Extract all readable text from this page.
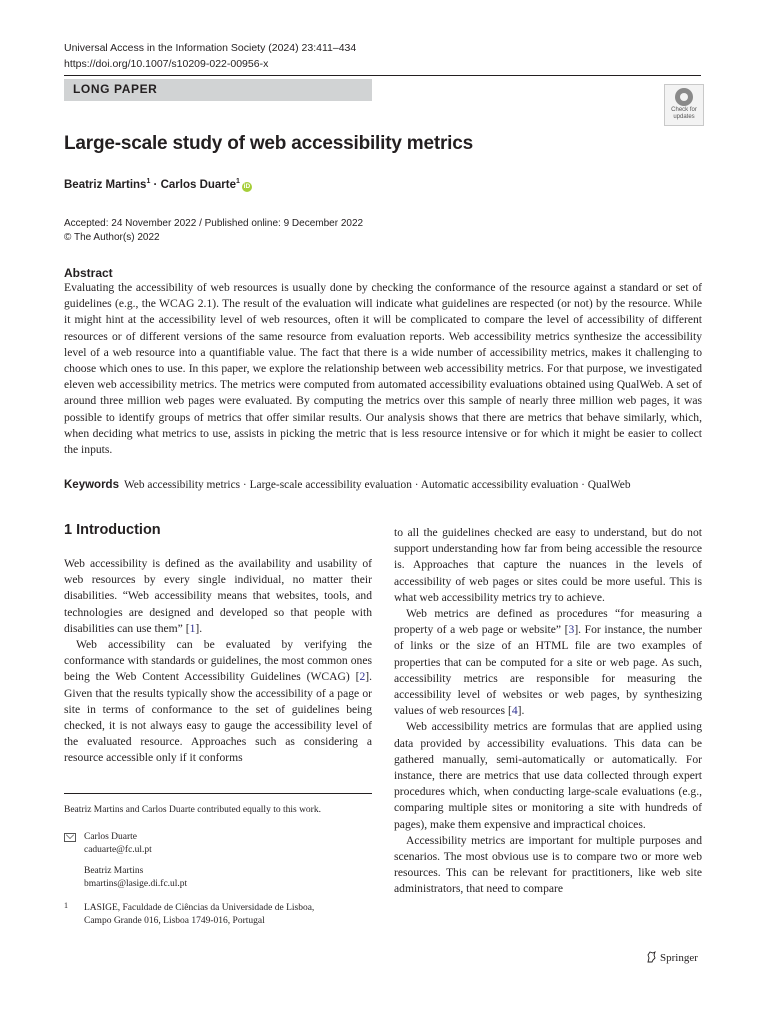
Universal Access in the Information Society (2024) 23:411–434
https://doi.org/10.1007/s10209-022-00956-x
LONG PAPER
Check for updates
Large-scale study of web accessibility metrics
Beatriz Martins$^1$ · Carlos Duarte$^1$iD
Accepted: 24 November 2022 / Published online: 9 December 2022
© The Author(s) 2022
Abstract
Evaluating the accessibility of web resources is usually done by checking the conformance of the resource against a standard or set of guidelines (e.g., the WCAG 2.1). The result of the evaluation will indicate what guidelines are respected (or not) by the resource. While it might hint at the accessibility level of web resources, often it will be complicated to compare the level of accessibility of different resources or of different versions of the same resource from evaluation reports. Web accessibility metrics synthesize the accessibility level of a web resource into a quantifiable value. The fact that there is a wide number of accessibility metrics, makes it challenging to choose which ones to use. In this paper, we explore the relationship between web accessibility metrics. For that purpose, we investigated eleven web accessibility metrics. The metrics were computed from automated accessibility evaluations obtained using QualWeb. A set of around three million web pages were evaluated. By computing the metrics over this sample of nearly three million web pages, it was possible to identify groups of metrics that offer similar results. Our analysis shows that there are metrics that behave similarly, which, when deciding what metrics to use, assists in picking the metric that is less resource intensive or for which it might be easier to collect the inputs.
Keywords Web accessibility metrics · Large-scale accessibility evaluation · Automatic accessibility evaluation · QualWeb
1 Introduction

Web accessibility is defined as the availability and usability of web resources by every single individual, no matter their disabilities. “Web accessibility means that websites, tools, and technologies are designed and developed so that people with disabilities can use them” [1].

Web accessibility can be evaluated by verifying the conformance with standards or guidelines, the most common ones being the Web Content Accessibility Guidelines (WCAG) [2]. Given that the results typically show the accessibility of a page or site in terms of conformance to the set of guidelines being checked, it is not always easy to gauge the accessibility level of the evaluated resource. Approaches such as considering a resource accessible only if it conforms

to all the guidelines checked are easy to understand, but do not support understanding how far from being accessible the resource is. Approaches that capture the nuances in the levels of accessibility of web pages or sites could be more useful. This is what web accessibility metrics try to achieve.

Web metrics are defined as procedures “for measuring a property of a web page or website” [3]. For instance, the number of links or the size of an HTML file are two examples of properties that can be computed for a site or web page. As such, accessibility metrics are responsible for measuring the accessibility level of websites or web pages, by synthesizing values of web resources [4].

Web accessibility metrics are formulas that are applied using data provided by accessibility evaluations. This data can be gathered manually, semi-automatically or automatically. For instance, there are metrics that use data collected through expert procedures which, when conducting large-scale evaluations (e.g., comparing multiple sites or monitoring a site with hundreds of pages), make them expensive and impractical choices.

Accessibility metrics are important for multiple purposes and scenarios. The most obvious use is to compare two or more web resources. This can be relevant for practitioners, like web site administrators, that need to compare

Beatriz Martins and Carlos Duarte contributed equally to this work.
Carlos Duarte
caduarte@fc.ul.pt
Beatriz Martins
bmartins@lasige.di.fc.ul.pt
1 LASIGE, Faculdade de Ciências da Universidade de Lisboa,
Campo Grande 016, Lisboa 1749-016, Portugal
Springer
